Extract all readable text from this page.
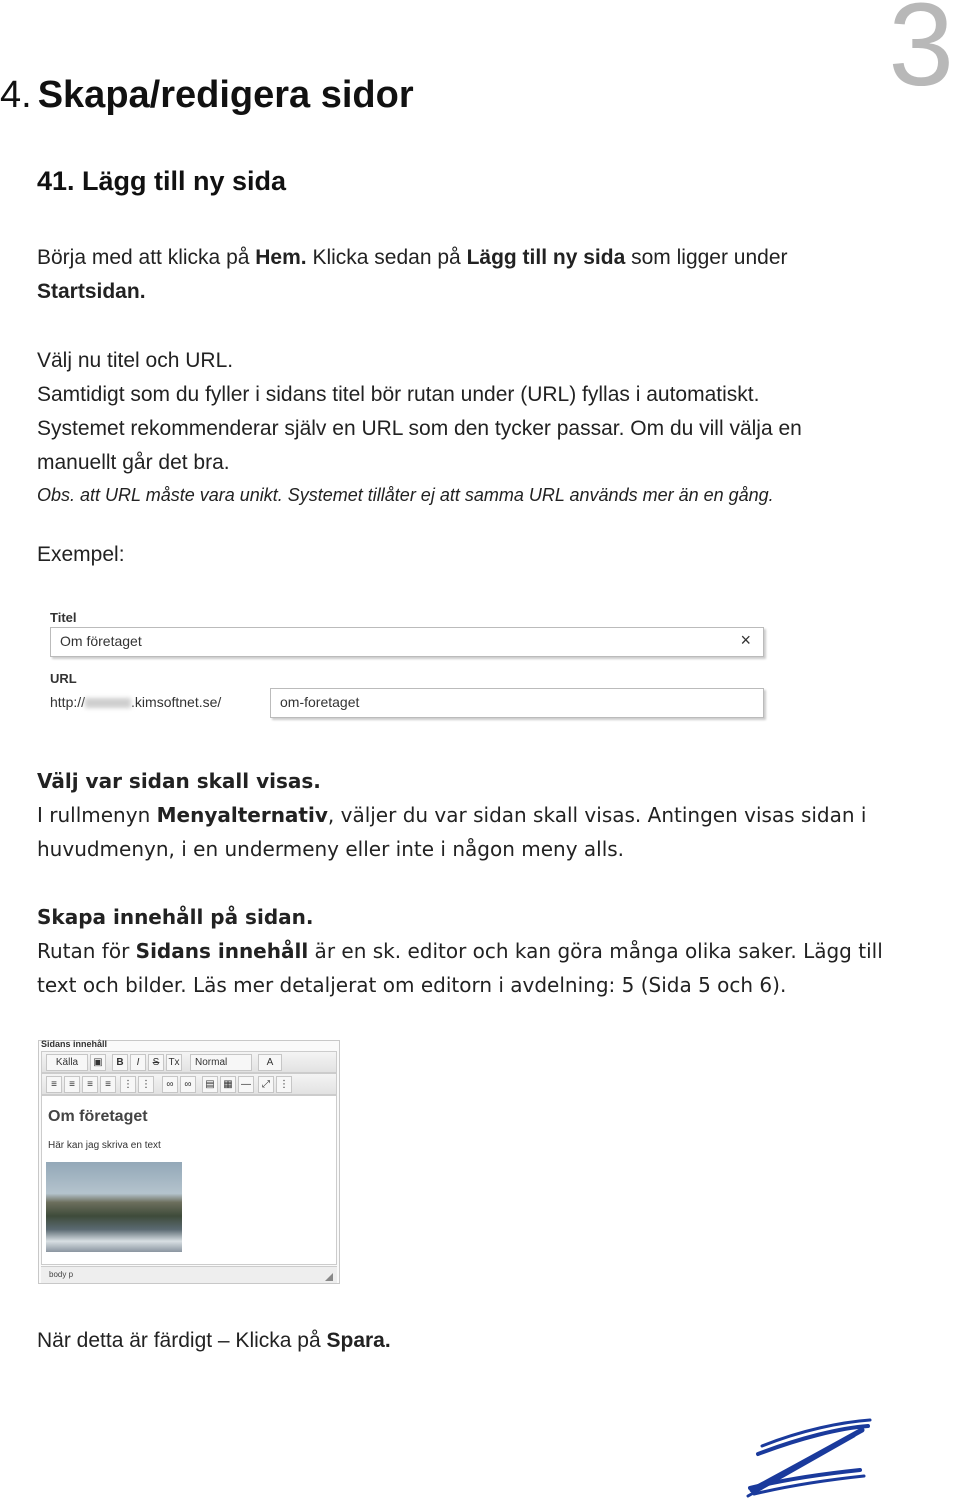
3
4. Skapa/redigera sidor
41. Lägg till ny sida
Börja med att klicka på Hem. Klicka sedan på Lägg till ny sida som ligger under
Startsidan.
Välj nu titel och URL.
Samtidigt som du fyller i sidans titel bör rutan under (URL) fyllas i automatiskt.
Systemet rekommenderar själv en URL som den tycker passar. Om du vill välja en
manuellt går det bra.
Obs. att URL måste vara unikt. Systemet tillåter ej att samma URL används mer än en gång.
Exempel:
Titel
Om företaget	×
URL
http://	.kimsoftnet.se/	om-foretaget
Välj var sidan skall visas.
I rullmenyn Menyalternativ, väljer du var sidan skall visas. Antingen visas sidan i
huvudmenyn, i en undermeny eller inte i någon meny alls.
Skapa innehåll på sidan.
Rutan för Sidans innehåll är en sk. editor och kan göra många olika saker. Lägg till
text och bilder. Läs mer detaljerat om editorn i avdelning: 5 (Sida 5 och 6).
Sidans innehåll
Källa	▣	B	I	S Tx	Normal	A
≡	≡	≡	≡	⋮ ⋮	∞	∞	▤ ▦ ―	⤢ ⋮
Om företaget
Här kan jag skriva en text
body p
När detta är färdigt – Klicka på Spara.
